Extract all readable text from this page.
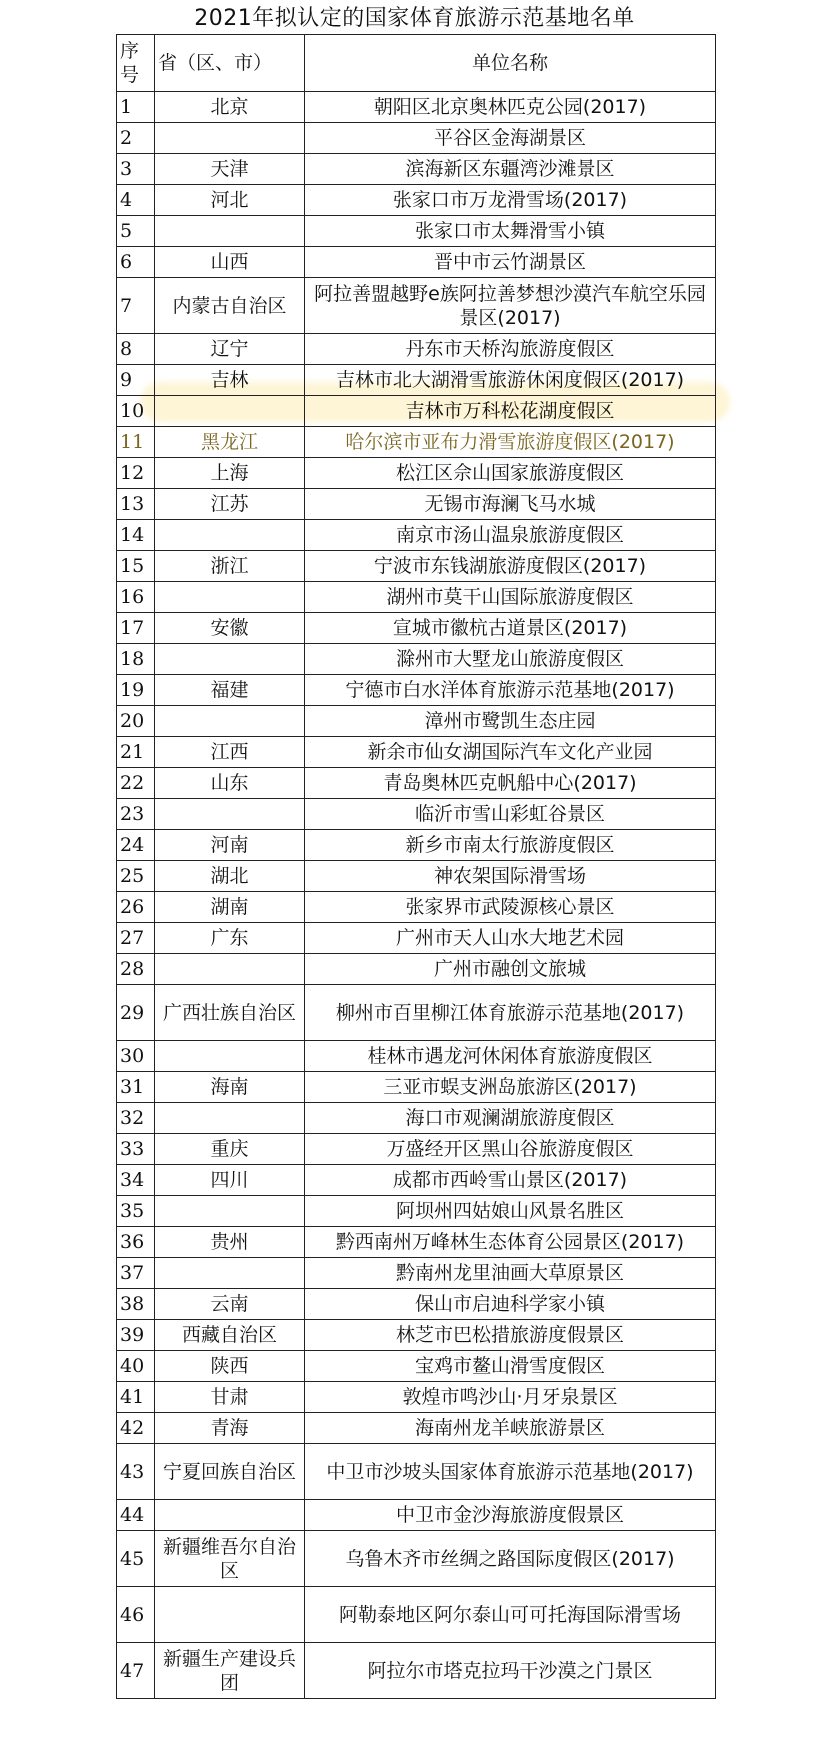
2021年拟认定的国家体育旅游示范基地名单
序号	省（区、市）	单位名称
1	北京	朝阳区北京奥林匹克公园(2017)
2		平谷区金海湖景区
3	天津	滨海新区东疆湾沙滩景区
4	河北	张家口市万龙滑雪场(2017)
5		张家口市太舞滑雪小镇
6	山西	晋中市云竹湖景区
7	内蒙古自治区	阿拉善盟越野e族阿拉善梦想沙漠汽车航空乐园景区(2017)
8	辽宁	丹东市天桥沟旅游度假区
9	吉林	吉林市北大湖滑雪旅游休闲度假区(2017)
10		吉林市万科松花湖度假区
11	黑龙江	哈尔滨市亚布力滑雪旅游度假区(2017)
12	上海	松江区佘山国家旅游度假区
13	江苏	无锡市海澜飞马水城
14		南京市汤山温泉旅游度假区
15	浙江	宁波市东钱湖旅游度假区(2017)
16		湖州市莫干山国际旅游度假区
17	安徽	宣城市徽杭古道景区(2017)
18		滁州市大墅龙山旅游度假区
19	福建	宁德市白水洋体育旅游示范基地(2017)
20		漳州市鹭凯生态庄园
21	江西	新余市仙女湖国际汽车文化产业园
22	山东	青岛奥林匹克帆船中心(2017)
23		临沂市雪山彩虹谷景区
24	河南	新乡市南太行旅游度假区
25	湖北	神农架国际滑雪场
26	湖南	张家界市武陵源核心景区
27	广东	广州市天人山水大地艺术园
28		广州市融创文旅城
29	广西壮族自治区	柳州市百里柳江体育旅游示范基地(2017)
30		桂林市遇龙河休闲体育旅游度假区
31	海南	三亚市蜈支洲岛旅游区(2017)
32		海口市观澜湖旅游度假区
33	重庆	万盛经开区黑山谷旅游度假区
34	四川	成都市西岭雪山景区(2017)
35		阿坝州四姑娘山风景名胜区
36	贵州	黔西南州万峰林生态体育公园景区(2017)
37		黔南州龙里油画大草原景区
38	云南	保山市启迪科学家小镇
39	西藏自治区	林芝市巴松措旅游度假景区
40	陕西	宝鸡市鳌山滑雪度假区
41	甘肃	敦煌市鸣沙山·月牙泉景区
42	青海	海南州龙羊峡旅游景区
43	宁夏回族自治区	中卫市沙坡头国家体育旅游示范基地(2017)
44		中卫市金沙海旅游度假景区
45	新疆维吾尔自治区	乌鲁木齐市丝绸之路国际度假区(2017)
46		阿勒泰地区阿尔泰山可可托海国际滑雪场
47	新疆生产建设兵团	阿拉尔市塔克拉玛干沙漠之门景区
